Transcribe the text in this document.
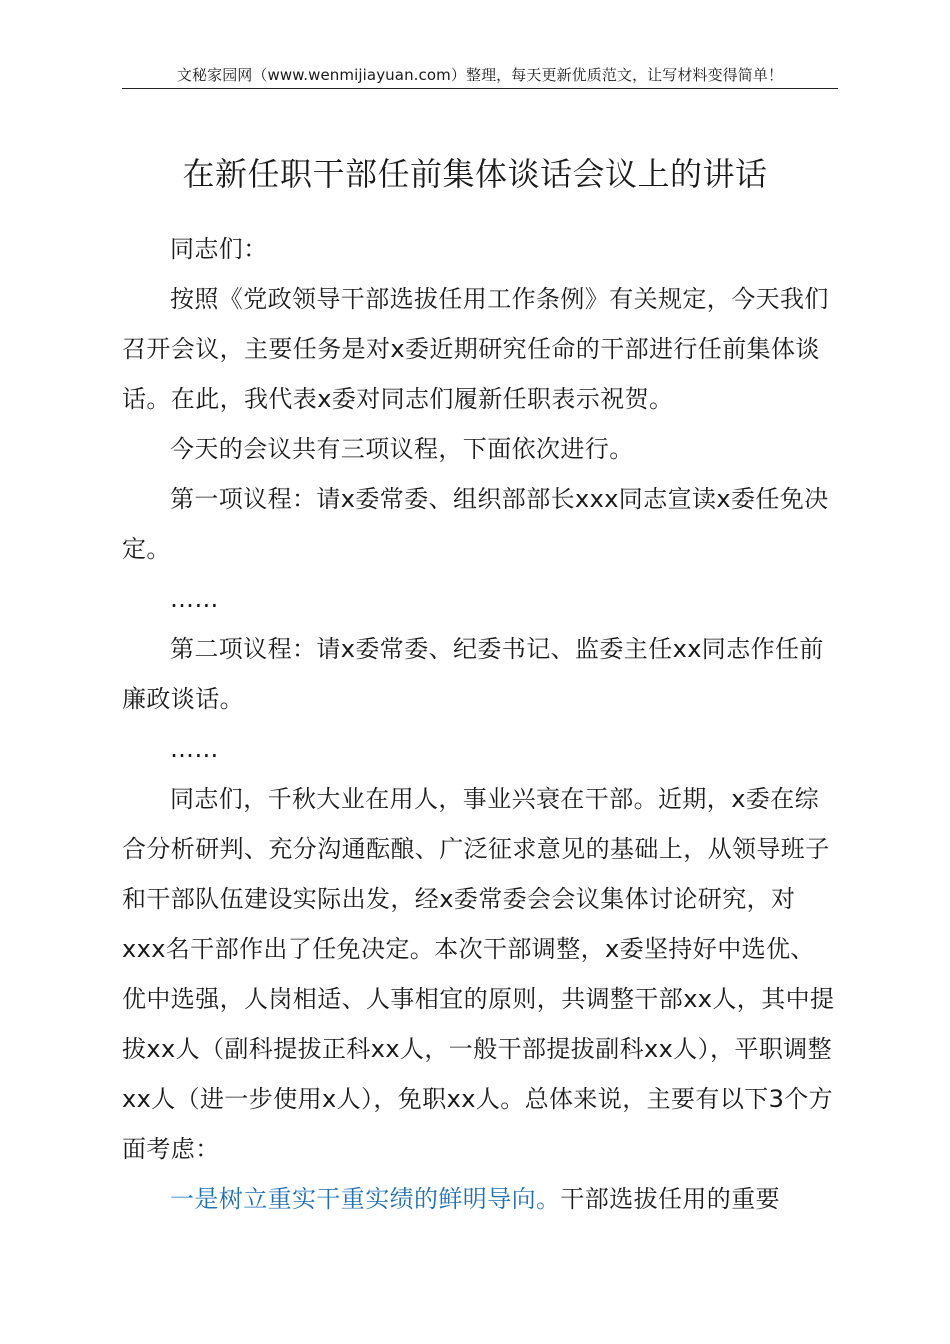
文秘家园网（www.wenmijiayuan.com）整理，每天更新优质范文，让写材料变得简单！
在新任职干部任前集体谈话会议上的讲话

同志们：

按照《党政领导干部选拔任用工作条例》有关规定，今天我们召开会议，主要任务是对x委近期研究任命的干部进行任前集体谈话。在此，我代表x委对同志们履新任职表示祝贺。

今天的会议共有三项议程，下面依次进行。

第一项议程：请x委常委、组织部部长xxx同志宣读x委任免决定。

……

第二项议程：请x委常委、纪委书记、监委主任xx同志作任前廉政谈话。

……

同志们，千秋大业在用人，事业兴衰在干部。近期，x委在综合分析研判、充分沟通酝酿、广泛征求意见的基础上，从领导班子和干部队伍建设实际出发，经x委常委会会议集体讨论研究，对xxx名干部作出了任免决定。本次干部调整，x委坚持好中选优、优中选强，人岗相适、人事相宜的原则，共调整干部xx人，其中提拔xx人（副科提拔正科xx人，一般干部提拔副科xx人），平职调整xx人（进一步使用x人），免职xx人。总体来说，主要有以下3个方面考虑：

一是树立重实干重实绩的鲜明导向。干部选拔任用的重要
